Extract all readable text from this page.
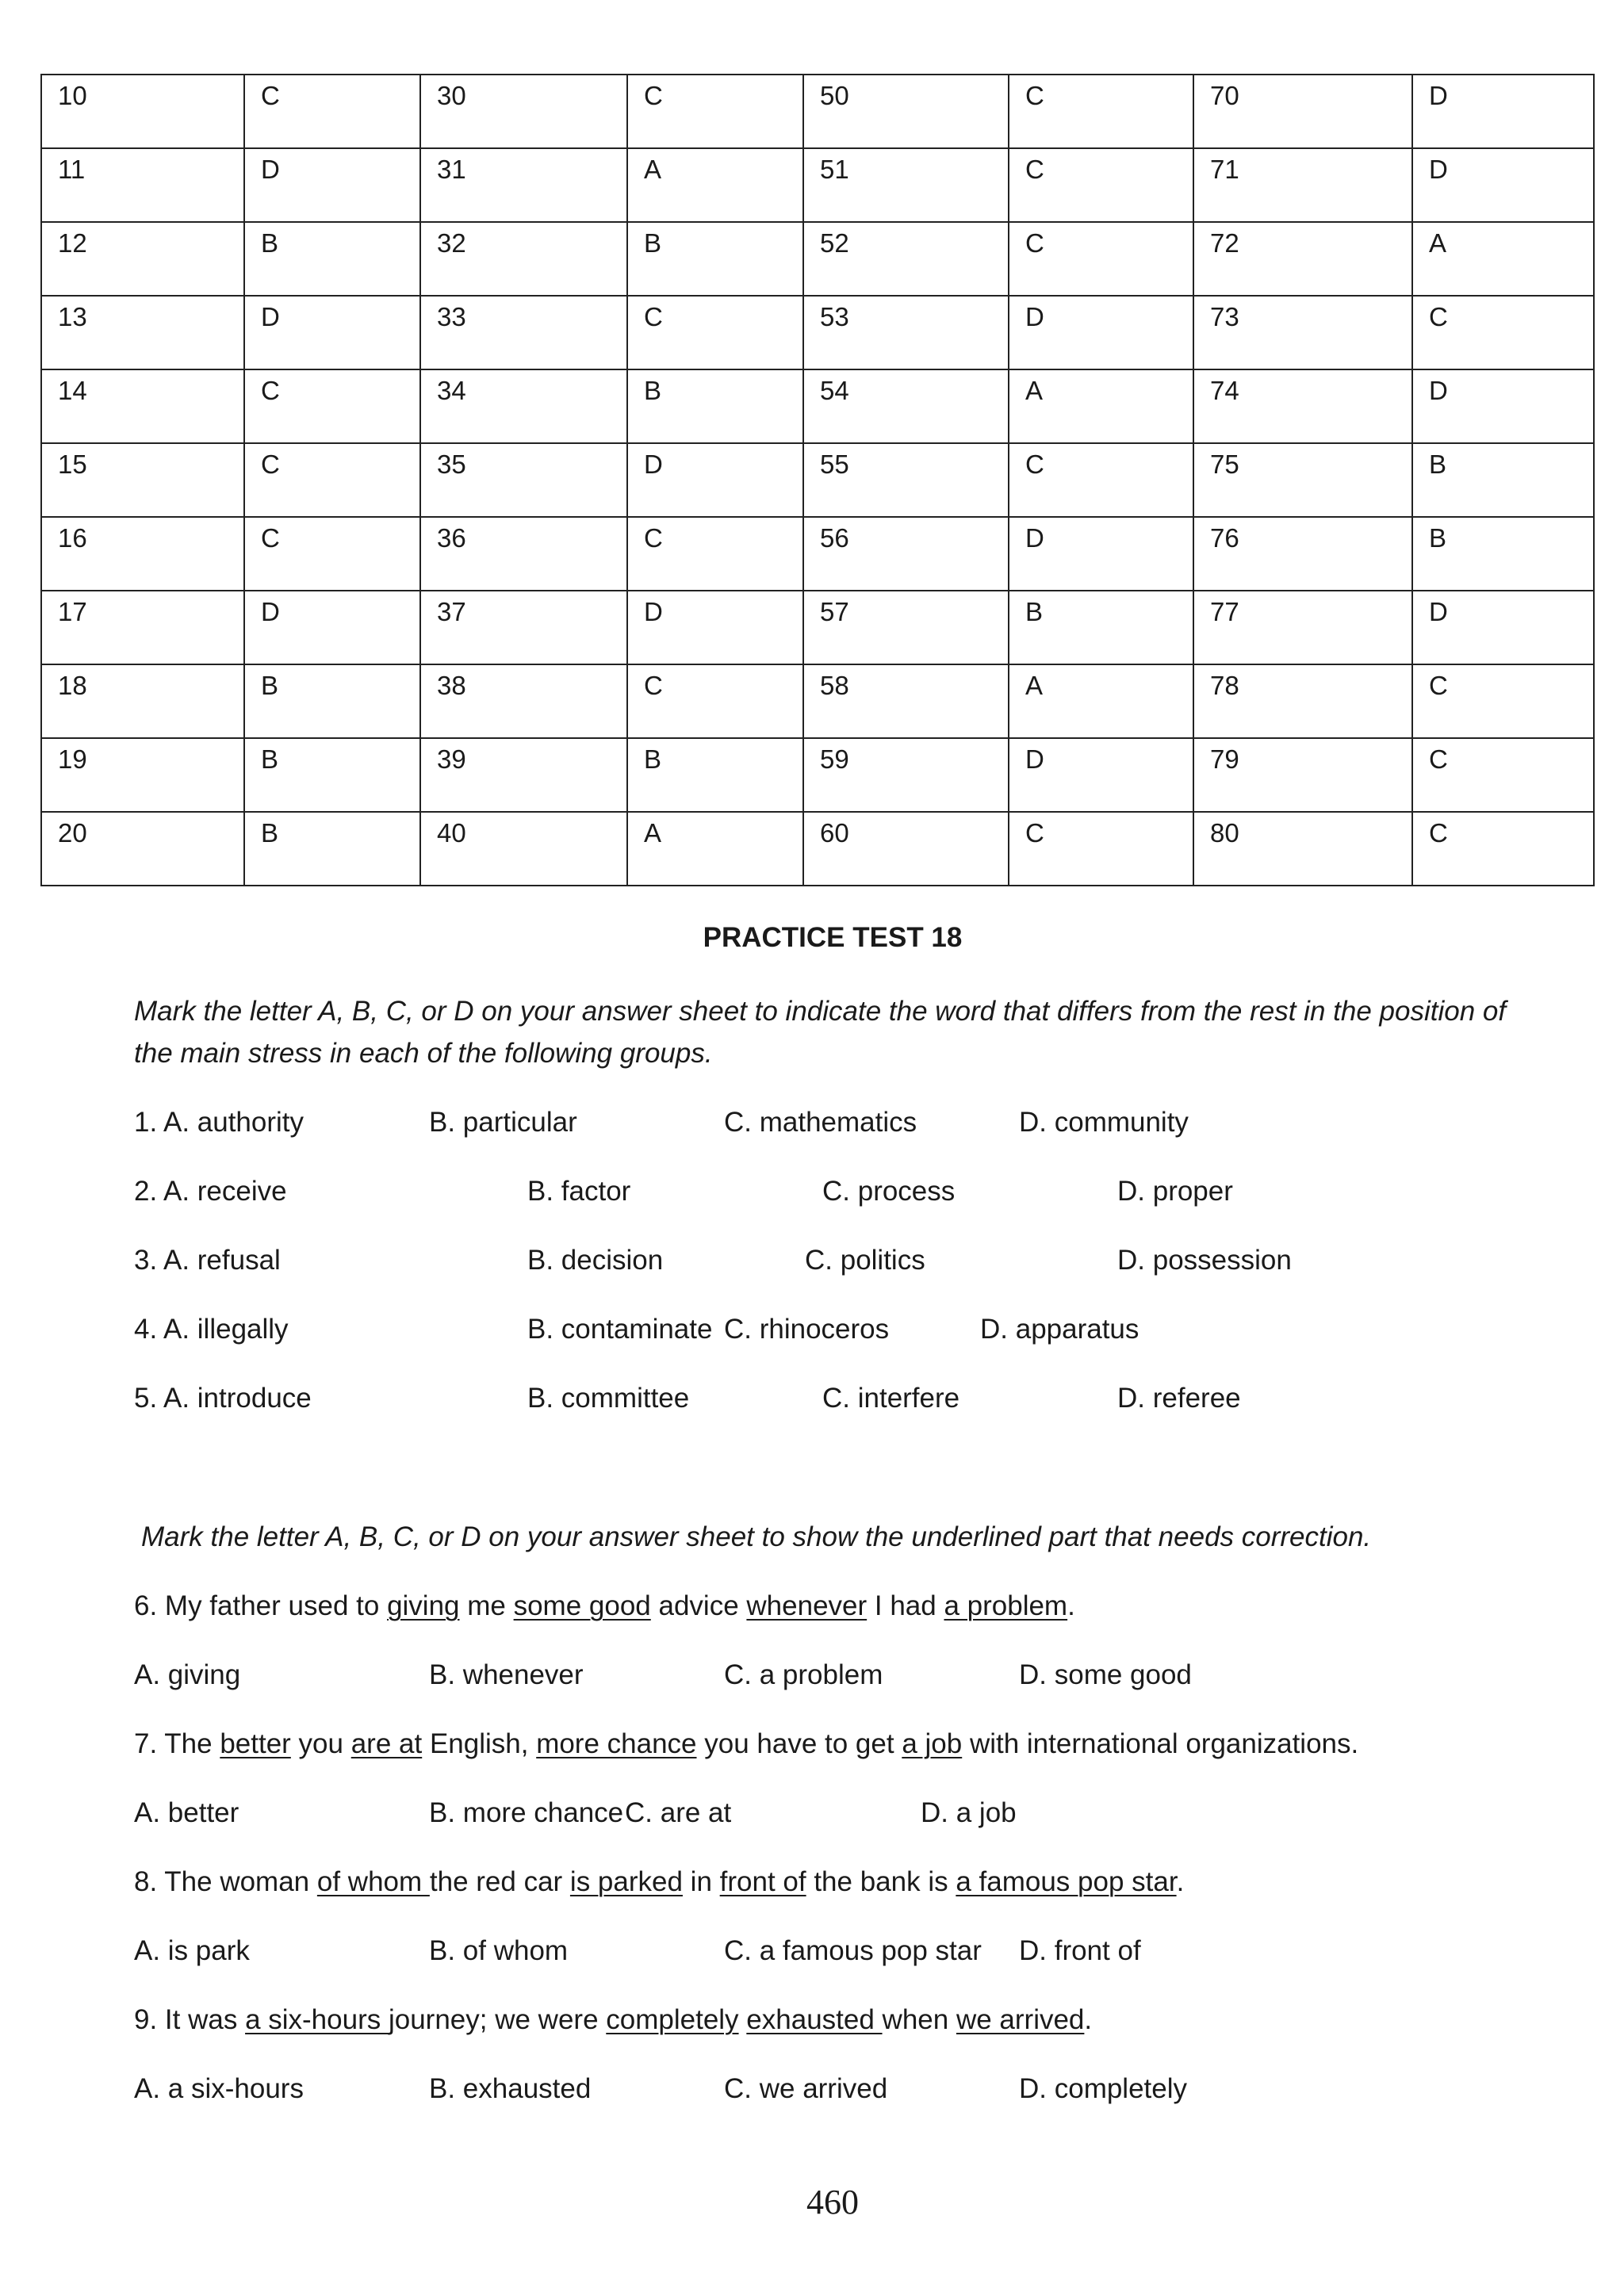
10	C	30	C	50	C	70	D
11	D	31	A	51	C	71	D
12	B	32	B	52	C	72	A
13	D	33	C	53	D	73	C
14	C	34	B	54	A	74	D
15	C	35	D	55	C	75	B
16	C	36	C	56	D	76	B
17	D	37	D	57	B	77	D
18	B	38	C	58	A	78	C
19	B	39	B	59	D	79	C
20	B	40	A	60	C	80	C
PRACTICE TEST 18
Mark the letter A, B, C, or D on your answer sheet to indicate the word that differs from the rest in the position of
the main stress in each of the following groups.
1. A. authority	B. particular	C. mathematics	D. community
2. A. receive	B. factor	C. process	D. proper
3. A. refusal	B. decision	C. politics	D. possession
4. A. illegally	B. contaminate C. rhinoceros	D. apparatus
5. A. introduce	B. committee	C. interfere	D. referee
Mark the letter A, B, C, or D on your answer sheet to show the underlined part that needs correction.
6. My father used to giving me some good advice whenever I had a problem.
A. giving	B. whenever	C. a problem	D. some good
7. The better you are at English, more chance you have to get a job with international organizations.
A. better	B. more chance C. are at	D. a job
8. The woman of whom the red car is parked in front of the bank is a famous pop star.
A. is park	B. of whom	C. a famous pop star D. front of
9. It was a six-hours journey; we were completely exhausted when we arrived.
A. a six-hours	B. exhausted	C. we arrived	D. completely
460
